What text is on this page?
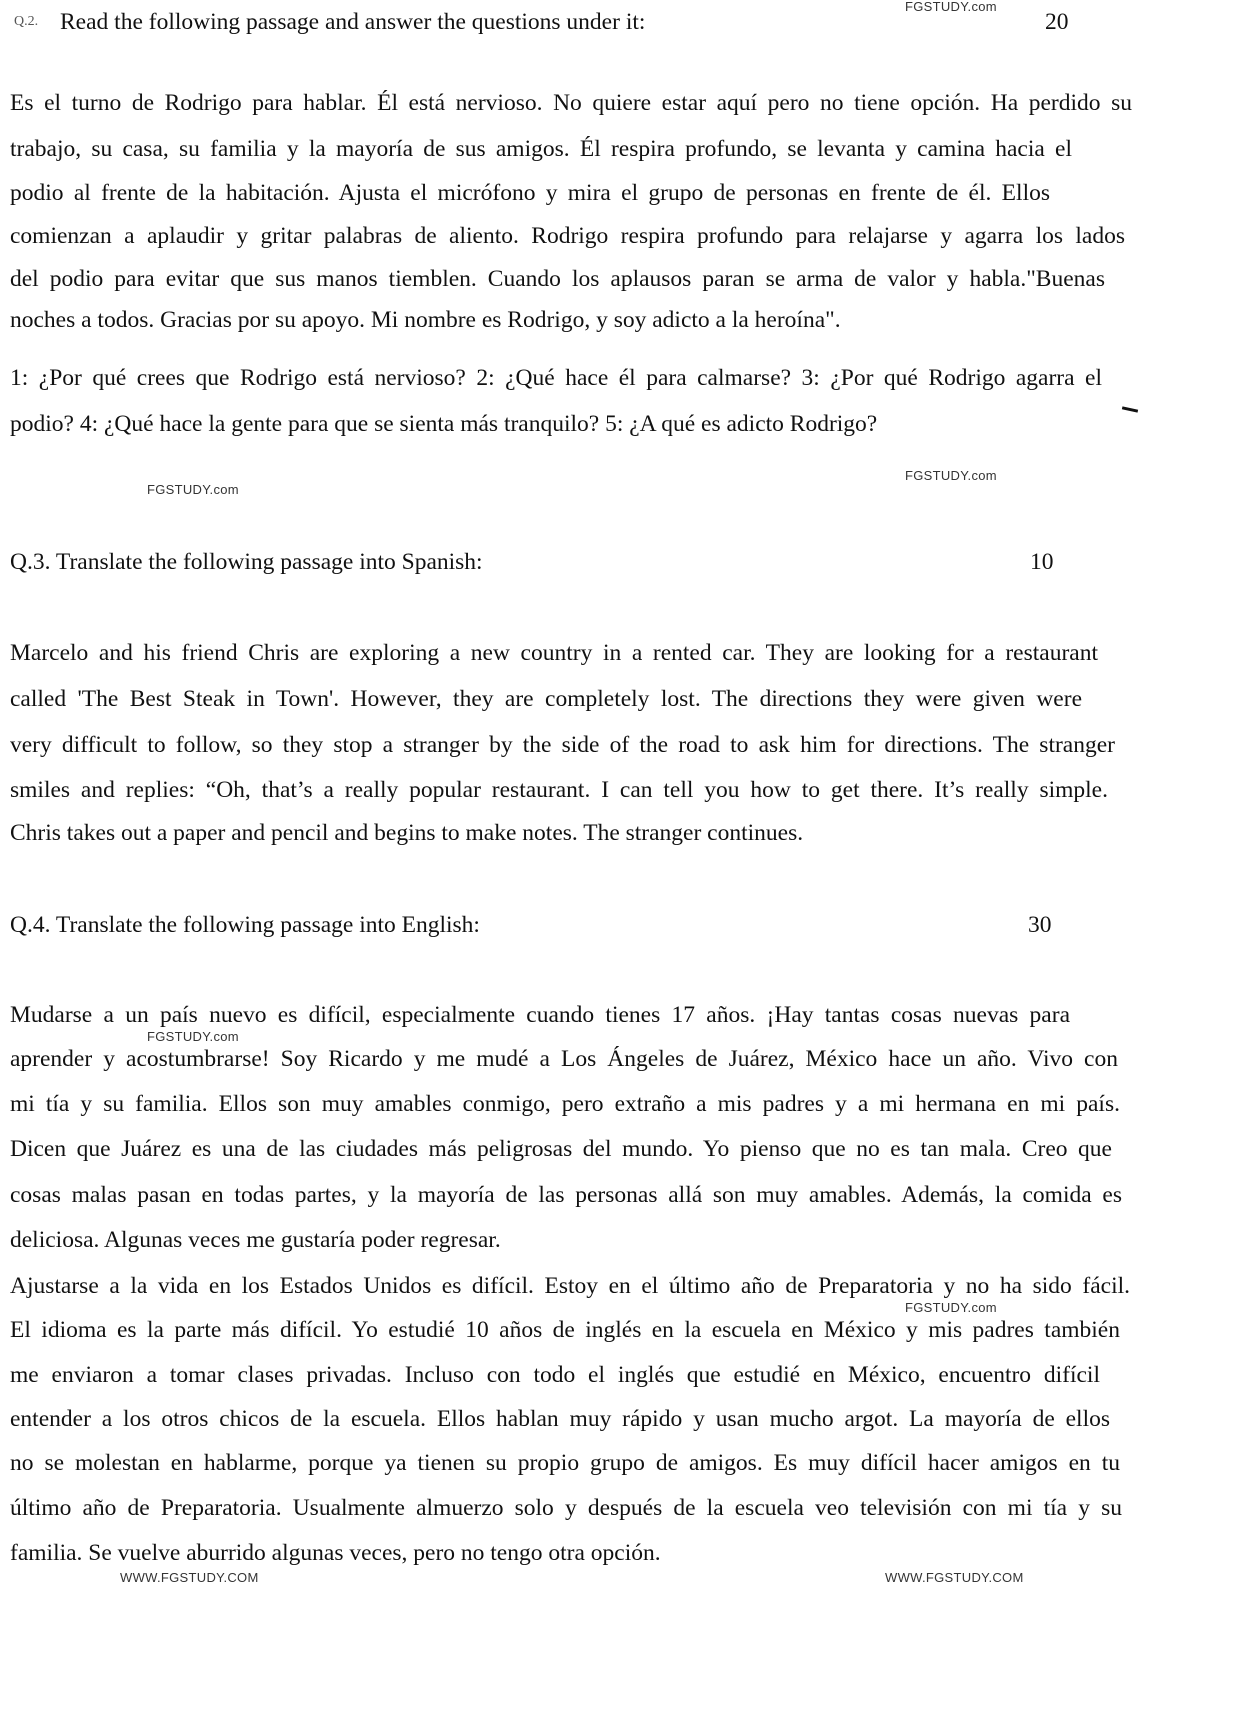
FGSTUDY.com
FGSTUDY.com
FGSTUDY.com
FGSTUDY.com
FGSTUDY.com
WWW.FGSTUDY.COM
WWW.FGSTUDY.COM
Q.2. Read the following passage and answer the questions under it:	20
Es el turno de Rodrigo para hablar. Él está nervioso. No quiere estar aquí pero no tiene opción. Ha perdido su
trabajo, su casa, su familia y la mayoría de sus amigos. Él respira profundo, se levanta y camina hacia el
podio al frente de la habitación. Ajusta el micrófono y mira el grupo de personas en frente de él. Ellos
comienzan a aplaudir y gritar palabras de aliento. Rodrigo respira profundo para relajarse y agarra los lados
del podio para evitar que sus manos tiemblen. Cuando los aplausos paran se arma de valor y habla."Buenas
noches a todos. Gracias por su apoyo. Mi nombre es Rodrigo, y soy adicto a la heroína".
1: ¿Por qué crees que Rodrigo está nervioso? 2: ¿Qué hace él para calmarse? 3: ¿Por qué Rodrigo agarra el
podio? 4: ¿Qué hace la gente para que se sienta más tranquilo? 5: ¿A qué es adicto Rodrigo?
Q.3. Translate the following passage into Spanish:	10
Marcelo and his friend Chris are exploring a new country in a rented car. They are looking for a restaurant
called 'The Best Steak in Town'. However, they are completely lost. The directions they were given were
very difficult to follow, so they stop a stranger by the side of the road to ask him for directions. The stranger
smiles and replies: “Oh, that’s a really popular restaurant. I can tell you how to get there. It’s really simple.
Chris takes out a paper and pencil and begins to make notes. The stranger continues.
Q.4. Translate the following passage into English:	30
Mudarse a un país nuevo es difícil, especialmente cuando tienes 17 años. ¡Hay tantas cosas nuevas para
aprender y acostumbrarse! Soy Ricardo y me mudé a Los Ángeles de Juárez, México hace un año. Vivo con
mi tía y su familia. Ellos son muy amables conmigo, pero extraño a mis padres y a mi hermana en mi país.
Dicen que Juárez es una de las ciudades más peligrosas del mundo. Yo pienso que no es tan mala. Creo que
cosas malas pasan en todas partes, y la mayoría de las personas allá son muy amables. Además, la comida es
deliciosa. Algunas veces me gustaría poder regresar.
Ajustarse a la vida en los Estados Unidos es difícil. Estoy en el último año de Preparatoria y no ha sido fácil.
El idioma es la parte más difícil. Yo estudié 10 años de inglés en la escuela en México y mis padres también
me enviaron a tomar clases privadas. Incluso con todo el inglés que estudié en México, encuentro difícil
entender a los otros chicos de la escuela. Ellos hablan muy rápido y usan mucho argot. La mayoría de ellos
no se molestan en hablarme, porque ya tienen su propio grupo de amigos. Es muy difícil hacer amigos en tu
último año de Preparatoria. Usualmente almuerzo solo y después de la escuela veo televisión con mi tía y su
familia. Se vuelve aburrido algunas veces, pero no tengo otra opción.
